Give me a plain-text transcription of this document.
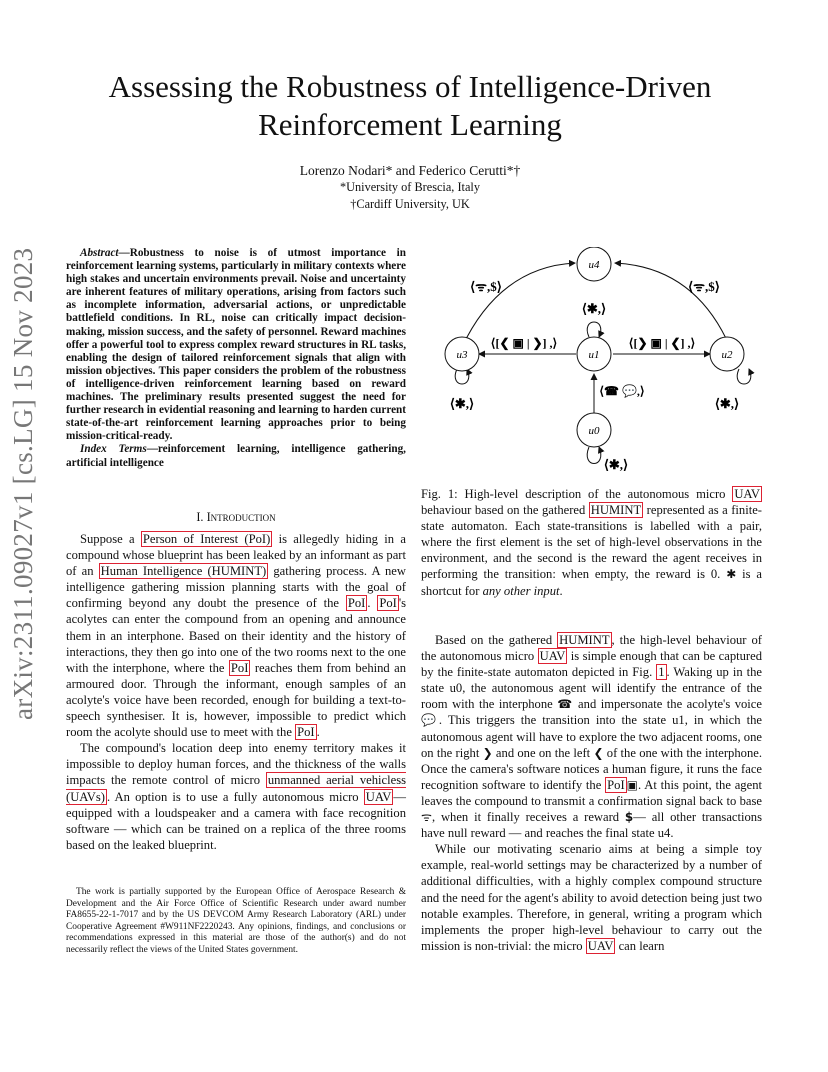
arXiv:2311.09027v1 [cs.LG] 15 Nov 2023
Assessing the Robustness of Intelligence-Driven
Reinforcement Learning
Lorenzo Nodari* and Federico Cerutti*†
*University of Brescia, Italy
†Cardiff University, UK

Abstract—Robustness to noise is of utmost importance in reinforcement learning systems, particularly in military contexts where high stakes and uncertain environments prevail. Noise and uncertainty are inherent features of military operations, arising from factors such as incomplete information, adversarial actions, or unpredictable battlefield conditions. In RL, noise can critically impact decision-making, mission success, and the safety of personnel. Reward machines offer a powerful tool to express complex reward structures in RL tasks, enabling the design of tailored reinforcement signals that align with mission objectives. This paper considers the problem of the robustness of intelligence-driven reinforcement learning based on reward machines. The preliminary results presented suggest the need for further research in evidential reasoning and learning to harden current state-of-the-art reinforcement learning approaches prior to being mission-critical-ready.

Index Terms—reinforcement learning, intelligence gathering, artificial intelligence

I. Introduction

Suppose a Person of Interest (PoI) is allegedly hiding in a compound whose blueprint has been leaked by an informant as part of an Human Intelligence (HUMINT) gathering process. A new intelligence gathering mission planning starts with the goal of confirming beyond any doubt the presence of the PoI . PoI 's acolytes can enter the compound from an opening and announce them in an interphone. Based on their identity and the history of interactions, they then go into one of the two rooms next to the one with the interphone, where the PoI reaches them from behind an armoured door. Through the informant, enough samples of an acolyte's voice have been recorded, enough for building a text-to-speech synthesiser. It is, however, impossible to predict which room the acolyte should use to meet with the PoI .

The compound's location deep into enemy territory makes it impossible to deploy human forces, and the thickness of the walls impacts the remote control of micro unmanned aerial vehicless (UAVs) . An option is to use a fully autonomous micro UAV — equipped with a loudspeaker and a camera with face recognition software — which can be trained on a replica of the three rooms based on the leaked blueprint.

The work is partially supported by the European Office of Aerospace Research & Development and the Air Force Office of Scientific Research under award number FA8655-22-1-7017 and by the US DEVCOM Army Research Laboratory (ARL) under Cooperative Agreement #W911NF2220243. Any opinions, findings, and conclusions or recommendations expressed in this material are those of the author(s) and do not necessarily reflect the views of the United States government.

u4
u3	u1	u2
u0
⟨ᯤ,$⟩	⟨ᯤ,$⟩
⟨✱,⟩
⟨[❮ ▣ | ❯] ,⟩	⟨[❯ ▣ | ❮] ,⟩
⟨✱,⟩	⟨✱,⟩
⟨☎ 💬,⟩
⟨✱,⟩
Fig. 1: High-level description of the autonomous micro UAV behaviour based on the gathered HUMINT represented as a finite-state automaton. Each state-transitions is labelled with a pair, where the first element is the set of high-level observations in the environment, and the second is the reward the agent receives in performing the transition: when empty, the reward is 0. ✱ is a shortcut for any other input.

Based on the gathered HUMINT , the high-level behaviour of the autonomous micro UAV is simple enough that can be captured by the finite-state automaton depicted in Fig. 1 . Waking up in the state u0, the autonomous agent will identify the entrance of the room with the interphone ☎ and impersonate the acolyte's voice 💬. This triggers the transition into the state u1, in which the autonomous agent will have to explore the two adjacent rooms, one on the right ❯ and one on the left ❮ of the one with the interphone. Once the camera's software notices a human figure, it runs the face recognition software to identify the PoI ▣. At this point, the agent leaves the compound to transmit a confirmation signal back to base ᯤ, when it finally receives a reward $— all other transactions have null reward — and reaches the final state u4.

While our motivating scenario aims at being a simple toy example, real-world settings may be characterized by a number of additional difficulties, with a highly complex compound structure and the need for the agent's ability to avoid detection being just two notable examples. Therefore, in general, writing a program which implements the proper high-level behaviour to carry out the mission is non-trivial: the micro UAV can learn
